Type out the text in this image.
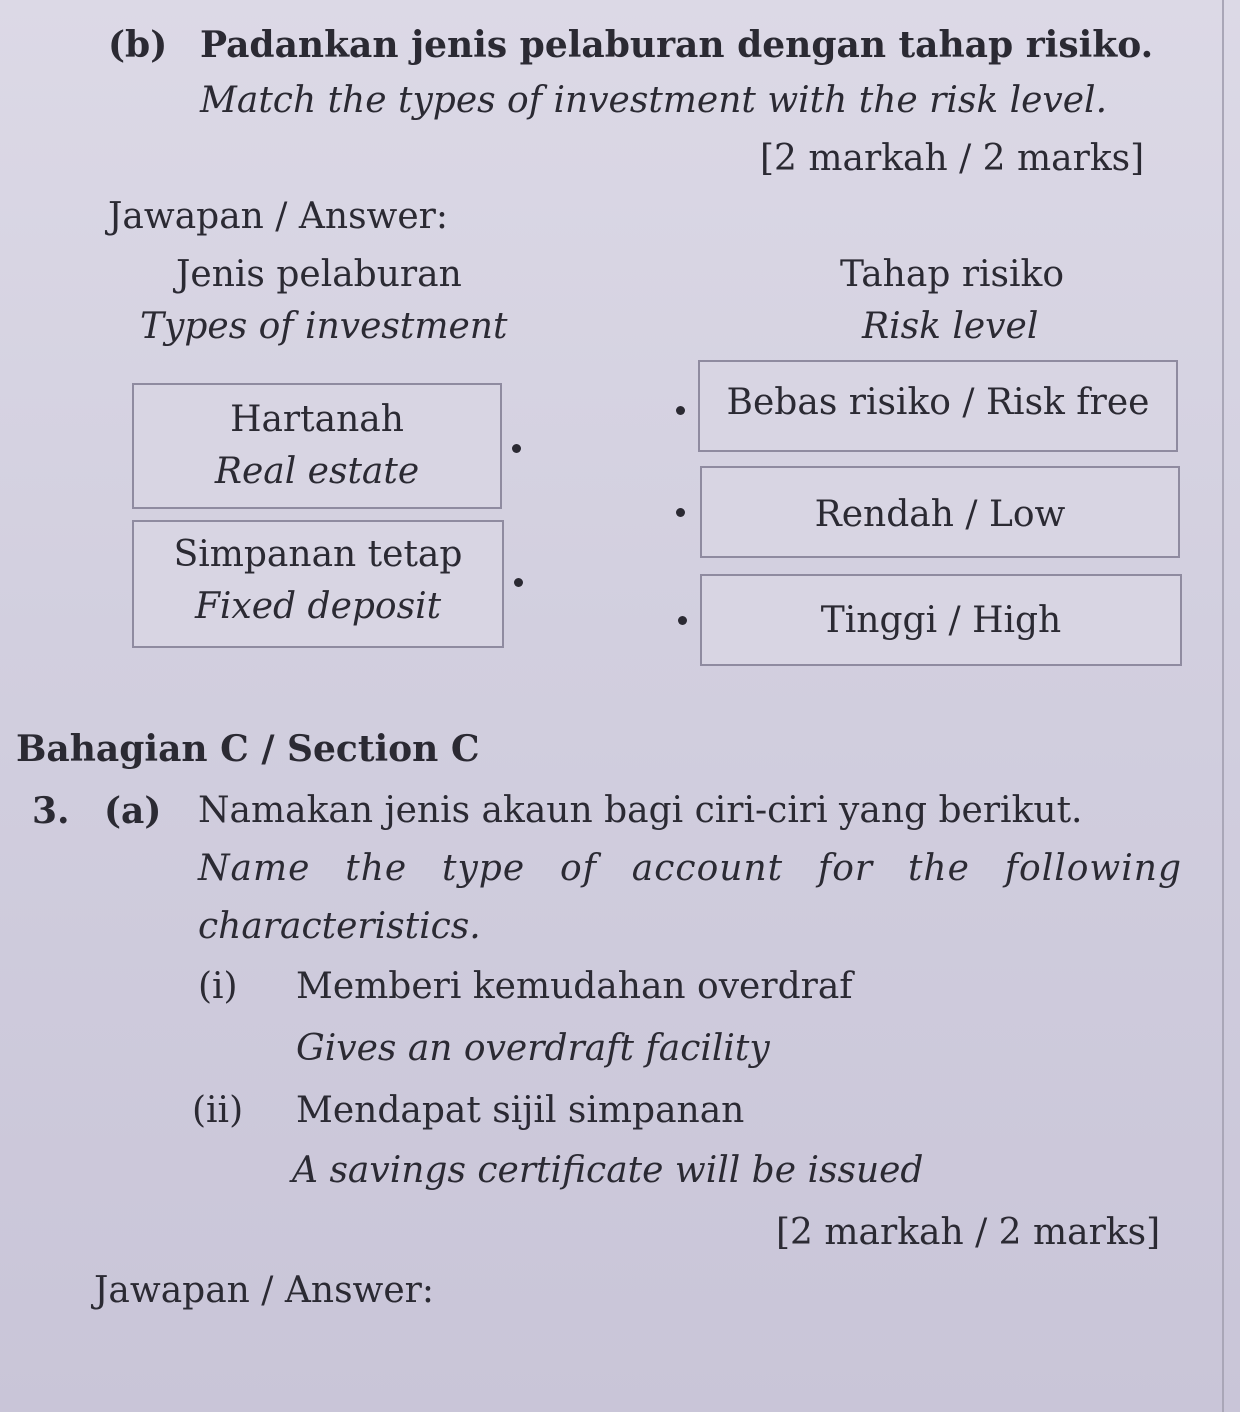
(b) Padankan jenis pelaburan dengan tahap risiko.
Match the types of investment with the risk level.
[2 markah / 2 marks]
Jawapan / Answer:
Jenis pelaburan
Types of investment
Tahap risiko
Risk level
Hartanah
Real estate
Simpanan tetap
Fixed deposit
Bebas risiko / Risk free
Rendah / Low
Tinggi / High
Bahagian C / Section C
3. (a) Namakan jenis akaun bagi ciri-ciri yang berikut.
Name the type of account for the following
characteristics.
(i) Memberi kemudahan overdraf
Gives an overdraft facility
(ii) Mendapat sijil simpanan
A savings certificate will be issued
[2 markah / 2 marks]
Jawapan / Answer:
